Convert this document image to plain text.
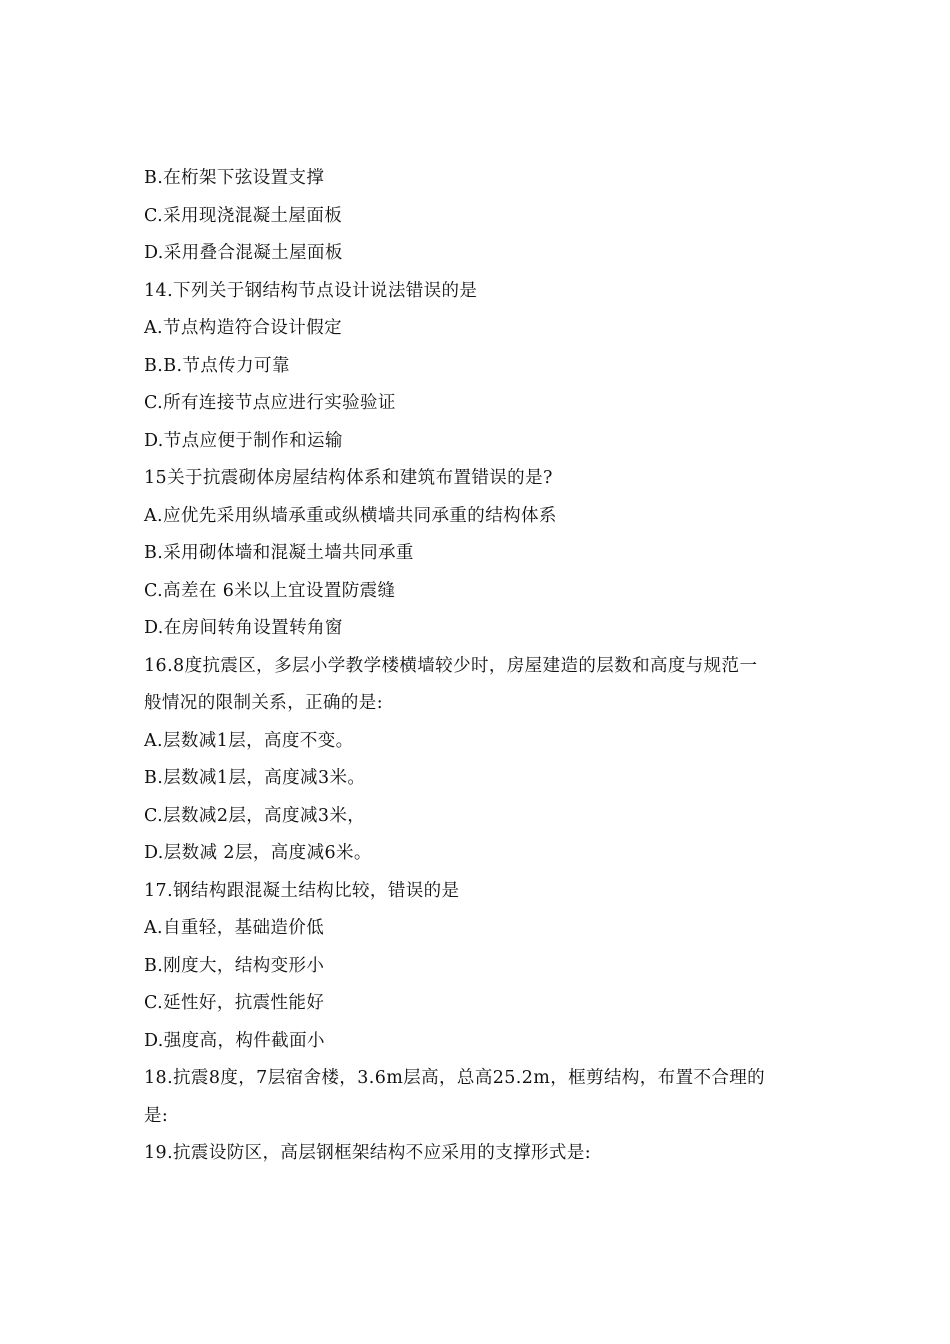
B.在桁架下弦设置支撑
C.采用现浇混凝土屋面板
D.采用叠合混凝土屋面板
14.下列关于钢结构节点设计说法错误的是
A.节点构造符合设计假定
B.B.节点传力可靠
C.所有连接节点应进行实验验证
D.节点应便于制作和运输
15关于抗震砌体房屋结构体系和建筑布置错误的是?
A.应优先采用纵墙承重或纵横墙共同承重的结构体系
B.采用砌体墙和混凝土墙共同承重
C.高差在 6米以上宜设置防震缝
D.在房间转角设置转角窗
16.8度抗震区，多层小学教学楼横墙较少时，房屋建造的层数和高度与规范一
般情况的限制关系，正确的是:
A.层数减1层，高度不变。
B.层数减1层，高度减3米。
C.层数减2层，高度减3米，
D.层数减 2层，高度减6米。
17.钢结构跟混凝土结构比较，错误的是
A.自重轻，基础造价低
B.刚度大，结构变形小
C.延性好，抗震性能好
D.强度高，构件截面小
18.抗震8度，7层宿舍楼，3.6m层高，总高25.2m，框剪结构，布置不合理的
是:
19.抗震设防区，高层钢框架结构不应采用的支撑形式是:
